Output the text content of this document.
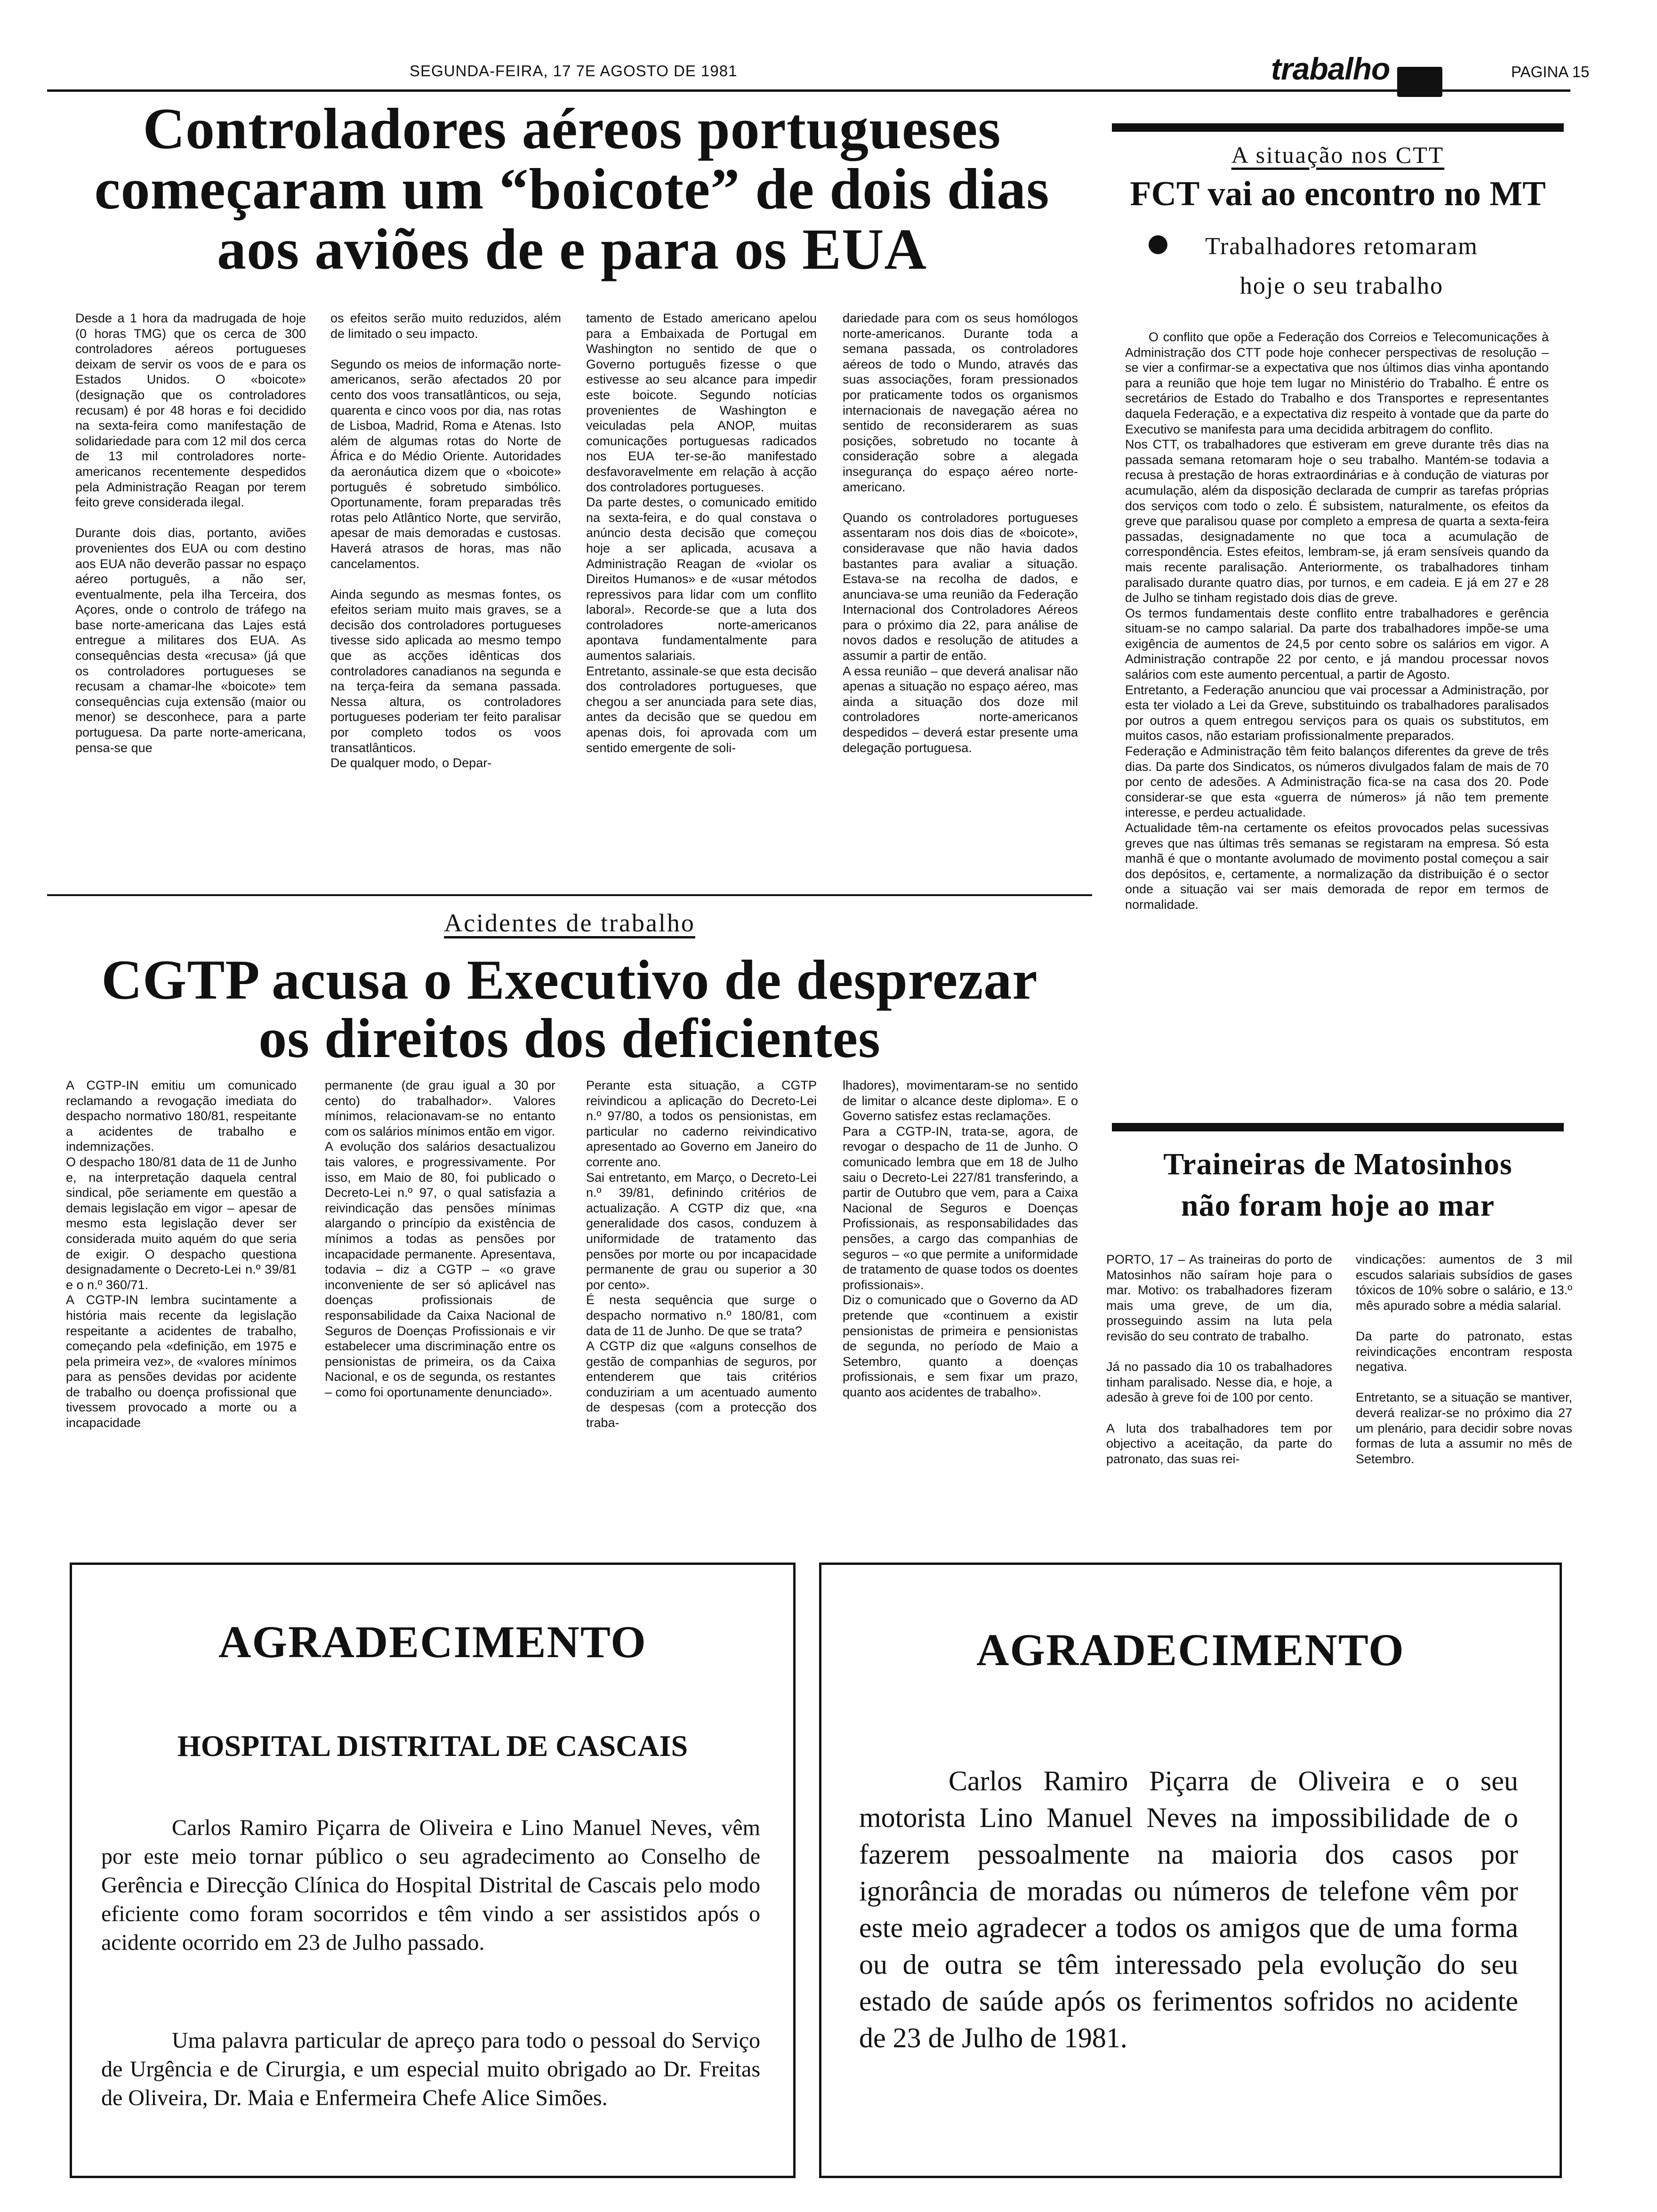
SEGUNDA-FEIRA, 17 7E AGOSTO DE 1981	trabalho	PAGINA 15
Controladores aéreos portugueses
começaram um “boicote” de dois dias
aos aviões de e para os EUA
Desde a 1 hora da madrugada de hoje (0 horas TMG) que os cerca de 300 controladores aéreos portugueses deixam de servir os voos de e para os Estados Unidos. O «boicote» (designação que os controladores recusam) é por 48 horas e foi decidido na sexta-feira como manifestação de solidariedade para com 12 mil dos cerca de 13 mil controladores norte-americanos recentemente despedidos pela Administração Reagan por terem feito greve considerada ilegal.

Durante dois dias, portanto, aviões provenientes dos EUA ou com destino aos EUA não deverão passar no espaço aéreo português, a não ser, eventualmente, pela ilha Terceira, dos Açores, onde o controlo de tráfego na base norte-americana das Lajes está entregue a militares dos EUA. As consequências desta «recusa» (já que os controladores portugueses se recusam a chamar-lhe «boicote» tem consequências cuja extensão (maior ou menor) se desconhece, para a parte portuguesa. Da parte norte-americana, pensa-se que
os efeitos serão muito reduzidos, além de limitado o seu impacto.

Segundo os meios de informação norte-americanos, serão afectados 20 por cento dos voos transatlânticos, ou seja, quarenta e cinco voos por dia, nas rotas de Lisboa, Madrid, Roma e Atenas. Isto além de algumas rotas do Norte de África e do Médio Oriente. Autoridades da aeronáutica dizem que o «boicote» português é sobretudo simbólico. Oportunamente, foram preparadas três rotas pelo Atlântico Norte, que servirão, apesar de mais demoradas e custosas. Haverá atrasos de horas, mas não cancelamentos.

Ainda segundo as mesmas fontes, os efeitos seriam muito mais graves, se a decisão dos controladores portugueses tivesse sido aplicada ao mesmo tempo que as acções idênticas dos controladores canadianos na segunda e na terça-feira da semana passada. Nessa altura, os controladores portugueses poderiam ter feito paralisar por completo todos os voos transatlânticos.
De qualquer modo, o Depar-
tamento de Estado americano apelou para a Embaixada de Portugal em Washington no sentido de que o Governo português fizesse o que estivesse ao seu alcance para impedir este boicote. Segundo notícias provenientes de Washington e veiculadas pela ANOP, muitas comunicações portuguesas radicados nos EUA ter-se-ão manifestado desfavoravelmente em relação à acção dos controladores portugueses.
Da parte destes, o comunicado emitido na sexta-feira, e do qual constava o anúncio desta decisão que começou hoje a ser aplicada, acusava a Administração Reagan de «violar os Direitos Humanos» e de «usar métodos repressivos para lidar com um conflito laboral». Recorde-se que a luta dos controladores norte-americanos apontava fundamentalmente para aumentos salariais.
Entretanto, assinale-se que esta decisão dos controladores portugueses, que chegou a ser anunciada para sete dias, antes da decisão que se quedou em apenas dois, foi aprovada com um sentido emergente de soli-
dariedade para com os seus homólogos norte-americanos. Durante toda a semana passada, os controladores aéreos de todo o Mundo, através das suas associações, foram pressionados por praticamente todos os organismos internacionais de navegação aérea no sentido de reconsiderarem as suas posições, sobretudo no tocante à consideração sobre a alegada insegurança do espaço aéreo norte-americano.

Quando os controladores portugueses assentaram nos dois dias de «boicote», consideravase que não havia dados bastantes para avaliar a situação. Estava-se na recolha de dados, e anunciava-se uma reunião da Federação Internacional dos Controladores Aéreos para o próximo dia 22, para análise de novos dados e resolução de atitudes a assumir a partir de então.
A essa reunião – que deverá analisar não apenas a situação no espaço aéreo, mas ainda a situação dos doze mil controladores norte-americanos despedidos – deverá estar presente uma delegação portuguesa.
A situação nos CTT
FCT vai ao encontro no MT
Trabalhadores retomaram
hoje o seu trabalho
O conflito que opõe a Federação dos Correios e Telecomunicações à Administração dos CTT pode hoje conhecer perspectivas de resolução – se vier a confirmar-se a expectativa que nos últimos dias vinha apontando para a reunião que hoje tem lugar no Ministério do Trabalho. É entre os secretários de Estado do Trabalho e dos Transportes e representantes daquela Federação, e a expectativa diz respeito à vontade que da parte do Executivo se manifesta para uma decidida arbitragem do conflito.
Nos CTT, os trabalhadores que estiveram em greve durante três dias na passada semana retomaram hoje o seu trabalho. Mantém-se todavia a recusa à prestação de horas extraordinárias e à condução de viaturas por acumulação, além da disposição declarada de cumprir as tarefas próprias dos serviços com todo o zelo. É subsistem, naturalmente, os efeitos da greve que paralisou quase por completo a empresa de quarta a sexta-feira passadas, designadamente no que toca a acumulação de correspondência. Estes efeitos, lembram-se, já eram sensíveis quando da mais recente paralisação. Anteriormente, os trabalhadores tinham paralisado durante quatro dias, por turnos, e em cadeia. E já em 27 e 28 de Julho se tinham registado dois dias de greve.
Os termos fundamentais deste conflito entre trabalhadores e gerência situam-se no campo salarial. Da parte dos trabalhadores impõe-se uma exigência de aumentos de 24,5 por cento sobre os salários em vigor. A Administração contrapõe 22 por cento, e já mandou processar novos salários com este aumento percentual, a partir de Agosto.
Entretanto, a Federação anunciou que vai processar a Administração, por esta ter violado a Lei da Greve, substituindo os trabalhadores paralisados por outros a quem entregou serviços para os quais os substitutos, em muitos casos, não estariam profissionalmente preparados.
Federação e Administração têm feito balanços diferentes da greve de três dias. Da parte dos Sindicatos, os números divulgados falam de mais de 70 por cento de adesões. A Administração fica-se na casa dos 20. Pode considerar-se que esta «guerra de números» já não tem premente interesse, e perdeu actualidade.
Actualidade têm-na certamente os efeitos provocados pelas sucessivas greves que nas últimas três semanas se registaram na empresa. Só esta manhã é que o montante avolumado de movimento postal começou a sair dos depósitos, e, certamente, a normalização da distribuição é o sector onde a situação vai ser mais demorada de repor em termos de normalidade.
Acidentes de trabalho
CGTP acusa o Executivo de desprezar
os direitos dos deficientes
A CGTP-IN emitiu um comunicado reclamando a revogação imediata do despacho normativo 180/81, respeitante a acidentes de trabalho e indemnizações.
O despacho 180/81 data de 11 de Junho e, na interpretação daquela central sindical, põe seriamente em questão a demais legislação em vigor – apesar de mesmo esta legislação dever ser considerada muito aquém do que seria de exigir. O despacho questiona designadamente o Decreto-Lei n.º 39/81 e o n.º 360/71.
A CGTP-IN lembra sucintamente a história mais recente da legislação respeitante a acidentes de trabalho, começando pela «definição, em 1975 e pela primeira vez», de «valores mínimos para as pensões devidas por acidente de trabalho ou doença profissional que tivessem provocado a morte ou a incapacidade
permanente (de grau igual a 30 por cento) do trabalhador». Valores mínimos, relacionavam-se no entanto com os salários mínimos então em vigor.
A evolução dos salários desactualizou tais valores, e progressivamente. Por isso, em Maio de 80, foi publicado o Decreto-Lei n.º 97, o qual satisfazia a reivindicação das pensões mínimas alargando o princípio da existência de mínimos a todas as pensões por incapacidade permanente. Apresentava, todavia – diz a CGTP – «o grave inconveniente de ser só aplicável nas doenças profissionais de responsabilidade da Caixa Nacional de Seguros de Doenças Profissionais e vir estabelecer uma discriminação entre os pensionistas de primeira, os da Caixa Nacional, e os de segunda, os restantes – como foi oportunamente denunciado».
Perante esta situação, a CGTP reivindicou a aplicação do Decreto-Lei n.º 97/80, a todos os pensionistas, em particular no caderno reivindicativo apresentado ao Governo em Janeiro do corrente ano.
Sai entretanto, em Março, o Decreto-Lei n.º 39/81, definindo critérios de actualização. A CGTP diz que, «na generalidade dos casos, conduzem à uniformidade de tratamento das pensões por morte ou por incapacidade permanente de grau ou superior a 30 por cento».
É nesta sequência que surge o despacho normativo n.º 180/81, com data de 11 de Junho. De que se trata?
A CGTP diz que «alguns conselhos de gestão de companhias de seguros, por entenderem que tais critérios conduziriam a um acentuado aumento de despesas (com a protecção dos traba-
lhadores), movimentaram-se no sentido de limitar o alcance deste diploma». E o Governo satisfez estas reclamações.
Para a CGTP-IN, trata-se, agora, de revogar o despacho de 11 de Junho. O comunicado lembra que em 18 de Julho saiu o Decreto-Lei 227/81 transferindo, a partir de Outubro que vem, para a Caixa Nacional de Seguros e Doenças Profissionais, as responsabilidades das pensões, a cargo das companhias de seguros – «o que permite a uniformidade de tratamento de quase todos os doentes profissionais».
Diz o comunicado que o Governo da AD pretende que «continuem a existir pensionistas de primeira e pensionistas de segunda, no período de Maio a Setembro, quanto a doenças profissionais, e sem fixar um prazo, quanto aos acidentes de trabalho».
Traineiras de Matosinhos
não foram hoje ao mar
PORTO, 17 – As traineiras do porto de Matosinhos não saíram hoje para o mar. Motivo: os trabalhadores fizeram mais uma greve, de um dia, prosseguindo assim na luta pela revisão do seu contrato de trabalho.

Já no passado dia 10 os trabalhadores tinham paralisado. Nesse dia, e hoje, a adesão à greve foi de 100 por cento.

A luta dos trabalhadores tem por objectivo a aceitação, da parte do patronato, das suas rei-
vindicações: aumentos de 3 mil escudos salariais subsídios de gases tóxicos de 10% sobre o salário, e 13.º mês apurado sobre a média salarial.

Da parte do patronato, estas reivindicações encontram resposta negativa.

Entretanto, se a situação se mantiver, deverá realizar-se no próximo dia 27 um plenário, para decidir sobre novas formas de luta a assumir no mês de Setembro.
AGRADECIMENTO
HOSPITAL DISTRITAL DE CASCAIS
Carlos Ramiro Piçarra de Oliveira e Lino Manuel Neves, vêm por este meio tornar público o seu agradecimento ao Conselho de Gerência e Direcção Clínica do Hospital Distrital de Cascais pelo modo eficiente como foram socorridos e têm vindo a ser assistidos após o acidente ocorrido em 23 de Julho passado.
Uma palavra particular de apreço para todo o pessoal do Serviço de Urgência e de Cirurgia, e um especial muito obrigado ao Dr. Freitas de Oliveira, Dr. Maia e Enfermeira Chefe Alice Simões.
AGRADECIMENTO
Carlos Ramiro Piçarra de Oliveira e o seu motorista Lino Manuel Neves na impossibilidade de o fazerem pessoalmente na maioria dos casos por ignorância de moradas ou números de telefone vêm por este meio agradecer a todos os amigos que de uma forma ou de outra se têm interessado pela evolução do seu estado de saúde após os ferimentos sofridos no acidente de 23 de Julho de 1981.
